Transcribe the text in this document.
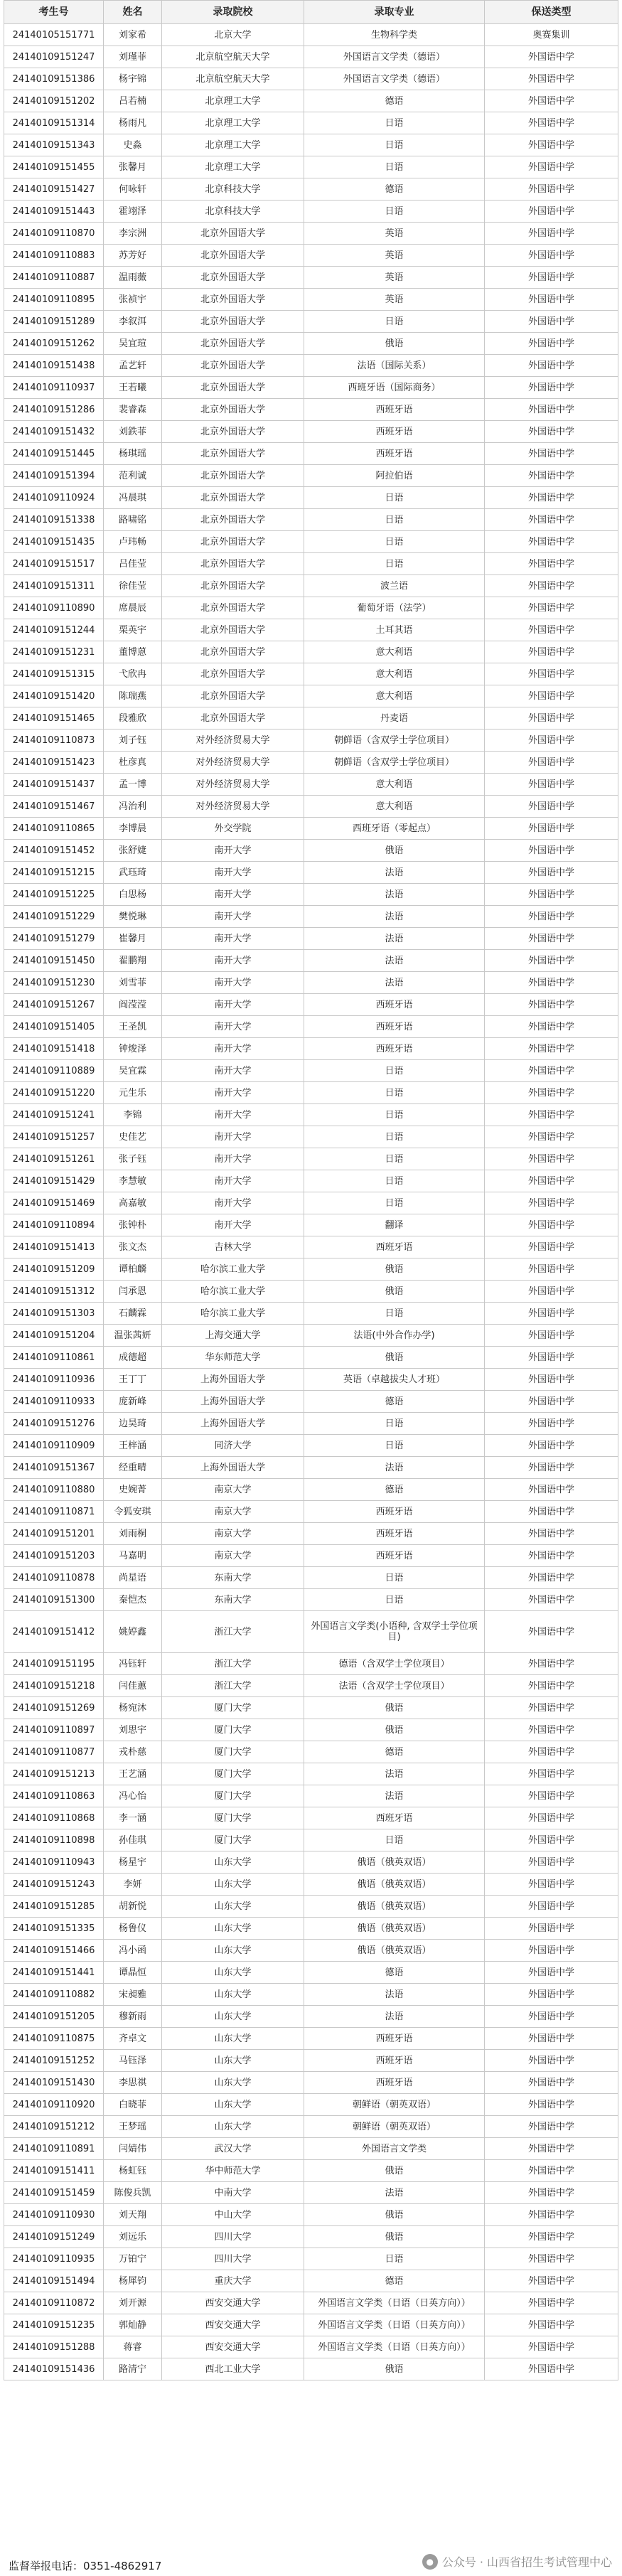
考生号	姓名	录取院校	录取专业	保送类型
24140105151771	刘家希	北京大学	生物科学类	奥赛集训
24140109151247	刘瑾菲	北京航空航天大学	外国语言文学类（德语）	外国语中学
24140109151386	杨宇锦	北京航空航天大学	外国语言文学类（德语）	外国语中学
24140109151202	吕若楠	北京理工大学	德语	外国语中学
24140109151314	杨雨凡	北京理工大学	日语	外国语中学
24140109151343	史淼	北京理工大学	日语	外国语中学
24140109151455	张馨月	北京理工大学	日语	外国语中学
24140109151427	何咏轩	北京科技大学	德语	外国语中学
24140109151443	霍翊泽	北京科技大学	日语	外国语中学
24140109110870	李宗洲	北京外国语大学	英语	外国语中学
24140109110883	苏芳好	北京外国语大学	英语	外国语中学
24140109110887	温雨薇	北京外国语大学	英语	外国语中学
24140109110895	张祯宇	北京外国语大学	英语	外国语中学
24140109151289	李叙洱	北京外国语大学	日语	外国语中学
24140109151262	吴宜瑄	北京外国语大学	俄语	外国语中学
24140109151438	孟艺轩	北京外国语大学	法语（国际关系）	外国语中学
24140109110937	王若曦	北京外国语大学	西班牙语（国际商务）	外国语中学
24140109151286	裴睿森	北京外国语大学	西班牙语	外国语中学
24140109151432	刘鉄菲	北京外国语大学	西班牙语	外国语中学
24140109151445	杨琪瑶	北京外国语大学	西班牙语	外国语中学
24140109151394	范利诚	北京外国语大学	阿拉伯语	外国语中学
24140109110924	冯晨琪	北京外国语大学	日语	外国语中学
24140109151338	路啸铭	北京外国语大学	日语	外国语中学
24140109151435	卢玮畅	北京外国语大学	日语	外国语中学
24140109151517	吕佳莹	北京外国语大学	日语	外国语中学
24140109151311	徐佳莹	北京外国语大学	波兰语	外国语中学
24140109110890	席晨辰	北京外国语大学	葡萄牙语（法学）	外国语中学
24140109151244	栗英宇	北京外国语大学	土耳其语	外国语中学
24140109151231	董博蒽	北京外国语大学	意大利语	外国语中学
24140109151315	弋欣冉	北京外国语大学	意大利语	外国语中学
24140109151420	陈瑞燕	北京外国语大学	意大利语	外国语中学
24140109151465	段雅欣	北京外国语大学	丹麦语	外国语中学
24140109110873	刘子钰	对外经济贸易大学	朝鲜语（含双学士学位项目）	外国语中学
24140109151423	杜彦真	对外经济贸易大学	朝鲜语（含双学士学位项目）	外国语中学
24140109151437	孟一博	对外经济贸易大学	意大利语	外国语中学
24140109151467	冯治利	对外经济贸易大学	意大利语	外国语中学
24140109110865	李博晨	外交学院	西班牙语（零起点）	外国语中学
24140109151452	张舒婕	南开大学	俄语	外国语中学
24140109151215	武珏琦	南开大学	法语	外国语中学
24140109151225	白思杨	南开大学	法语	外国语中学
24140109151229	樊悦琳	南开大学	法语	外国语中学
24140109151279	崔馨月	南开大学	法语	外国语中学
24140109151450	翟鹏翔	南开大学	法语	外国语中学
24140109151230	刘雪菲	南开大学	法语	外国语中学
24140109151267	阎滢滢	南开大学	西班牙语	外国语中学
24140109151405	王圣凯	南开大学	西班牙语	外国语中学
24140109151418	钟焌泽	南开大学	西班牙语	外国语中学
24140109110889	吴宜霖	南开大学	日语	外国语中学
24140109151220	元生乐	南开大学	日语	外国语中学
24140109151241	李锦	南开大学	日语	外国语中学
24140109151257	史佳艺	南开大学	日语	外国语中学
24140109151261	张子钰	南开大学	日语	外国语中学
24140109151429	李慧敏	南开大学	日语	外国语中学
24140109151469	高嘉敏	南开大学	日语	外国语中学
24140109110894	张钟朴	南开大学	翻译	外国语中学
24140109151413	张文杰	吉林大学	西班牙语	外国语中学
24140109151209	谭柏麟	哈尔滨工业大学	俄语	外国语中学
24140109151312	闫承恩	哈尔滨工业大学	俄语	外国语中学
24140109151303	石麟霖	哈尔滨工业大学	日语	外国语中学
24140109151204	温张茜妍	上海交通大学	法语(中外合作办学)	外国语中学
24140109110861	成德超	华东师范大学	俄语	外国语中学
24140109110936	王丁丁	上海外国语大学	英语（卓越拔尖人才班）	外国语中学
24140109110933	庞新峰	上海外国语大学	德语	外国语中学
24140109151276	边昊琦	上海外国语大学	日语	外国语中学
24140109110909	王梓涵	同济大学	日语	外国语中学
24140109151367	经重晴	上海外国语大学	法语	外国语中学
24140109110880	史婉菁	南京大学	德语	外国语中学
24140109110871	令狐安琪	南京大学	西班牙语	外国语中学
24140109151201	刘雨桐	南京大学	西班牙语	外国语中学
24140109151203	马嘉明	南京大学	西班牙语	外国语中学
24140109110878	尚星语	东南大学	日语	外国语中学
24140109151300	秦恺杰	东南大学	日语	外国语中学
24140109151412	姚婷鑫	浙江大学	外国语言文学类(小语种, 含双学士学位项目)	外国语中学
24140109151195	冯钰轩	浙江大学	德语（含双学士学位项目）	外国语中学
24140109151218	闫佳蕙	浙江大学	法语（含双学士学位项目）	外国语中学
24140109151269	杨宛沐	厦门大学	俄语	外国语中学
24140109110897	刘思宇	厦门大学	俄语	外国语中学
24140109110877	戎朴慈	厦门大学	德语	外国语中学
24140109151213	王艺涵	厦门大学	法语	外国语中学
24140109110863	冯心怡	厦门大学	法语	外国语中学
24140109110868	李一涵	厦门大学	西班牙语	外国语中学
24140109110898	孙佳琪	厦门大学	日语	外国语中学
24140109110943	杨星宇	山东大学	俄语（俄英双语）	外国语中学
24140109151243	李妍	山东大学	俄语（俄英双语）	外国语中学
24140109151285	胡新悦	山东大学	俄语（俄英双语）	外国语中学
24140109151335	杨鲁仪	山东大学	俄语（俄英双语）	外国语中学
24140109151466	冯小函	山东大学	俄语（俄英双语）	外国语中学
24140109151441	谭晶恒	山东大学	德语	外国语中学
24140109110882	宋昶雅	山东大学	法语	外国语中学
24140109151205	穆新雨	山东大学	法语	外国语中学
24140109110875	齐卓文	山东大学	西班牙语	外国语中学
24140109151252	马钰泽	山东大学	西班牙语	外国语中学
24140109151430	李思祺	山东大学	西班牙语	外国语中学
24140109110920	白晓菲	山东大学	朝鲜语（朝英双语）	外国语中学
24140109151212	王梦瑶	山东大学	朝鲜语（朝英双语）	外国语中学
24140109110891	闫婧伟	武汉大学	外国语言文学类	外国语中学
24140109151411	杨虹钰	华中师范大学	俄语	外国语中学
24140109151459	陈俊兵凯	中南大学	法语	外国语中学
24140109110930	刘天翔	中山大学	俄语	外国语中学
24140109151249	刘远乐	四川大学	俄语	外国语中学
24140109110935	万铂宁	四川大学	日语	外国语中学
24140109151494	杨犀钧	重庆大学	德语	外国语中学
24140109110872	刘开源	西安交通大学	外国语言文学类（日语（日英方向））	外国语中学
24140109151235	郭灿静	西安交通大学	外国语言文学类（日语（日英方向））	外国语中学
24140109151288	蒋睿	西安交通大学	外国语言文学类（日语（日英方向））	外国语中学
24140109151436	路清宁	西北工业大学	俄语	外国语中学
监督举报电话：0351-4862917	● 公众号 · 山西省招生考试管理中心
